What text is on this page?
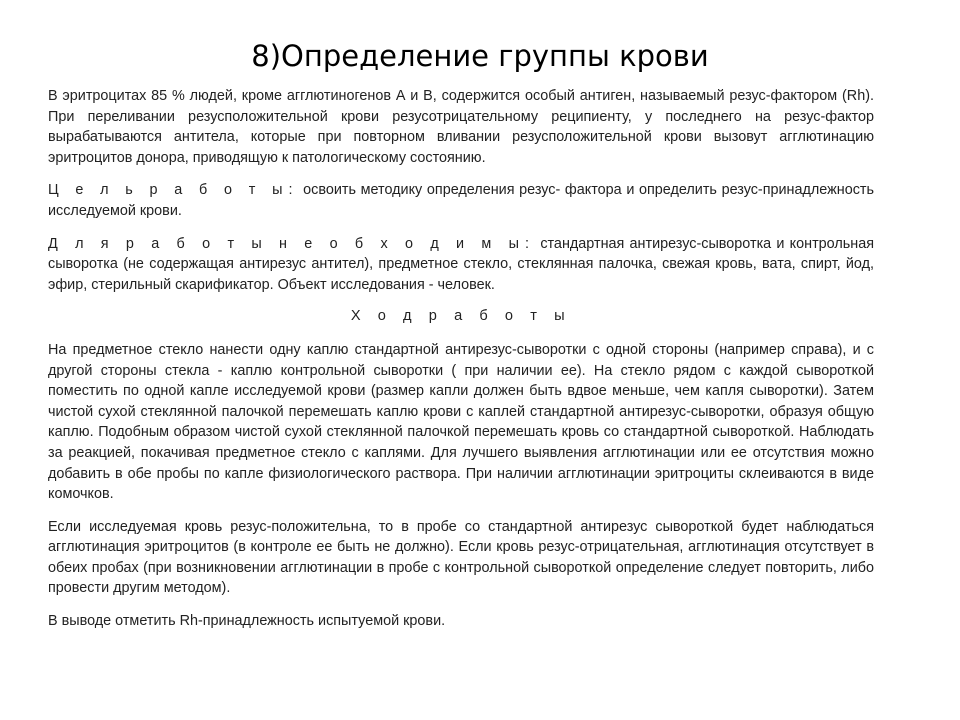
8)Определение группы крови

В эритроцитах 85 % людей, кроме агглютиногенов А и В, содержится особый антиген, называемый резус-фактором (Rh). При переливании резусположительной крови резусотрицательному реципиенту, у последнего на резус-фактор вырабатываются антитела, которые при повторном вливании резусположительной крови вызовут агглютинацию эритроцитов донора, приводящую к патологическому состоянию.

Ц е л ь р а б о т ы: освоить методику определения резус- фактора и определить резус-принадлежность исследуемой крови.

Д л я р а б о т ы н е о б х о д и м ы: стандартная антирезус-сыворотка и контрольная сыворотка (не содержащая антирезус антител), предметное стекло, стеклянная палочка, свежая кровь, вата, спирт, йод, эфир, стерильный скарификатор. Объект исследования - человек.

Х о д р а б о т ы

На предметное стекло нанести одну каплю стандартной антирезус-сыворотки с одной стороны (например справа), и с другой стороны стекла - каплю контрольной сыворотки ( при наличии ее). На стекло рядом с каждой сывороткой поместить по одной капле исследуемой крови (размер капли должен быть вдвое меньше, чем капля сыворотки). Затем чистой сухой стеклянной палочкой перемешать каплю крови с каплей стандартной антирезус-сыворотки, образуя общую каплю. Подобным образом чистой сухой стеклянной палочкой перемешать кровь со стандартной сывороткой. Наблюдать за реакцией, покачивая предметное стекло с каплями. Для лучшего выявления агглютинации или ее отсутствия можно добавить в обе пробы по капле физиологического раствора. При наличии агглютинации эритроциты склеиваются в виде комочков.

Если исследуемая кровь резус-положительна, то в пробе со стандартной антирезус сывороткой будет наблюдаться агглютинация эритроцитов (в контроле ее быть не должно). Если кровь резус-отрицательная, агглютинация отсутствует в обеих пробах (при возникновении агглютинации в пробе с контрольной сывороткой определение следует повторить, либо провести другим методом).

В выводе отметить Rh-принадлежность испытуемой крови.
